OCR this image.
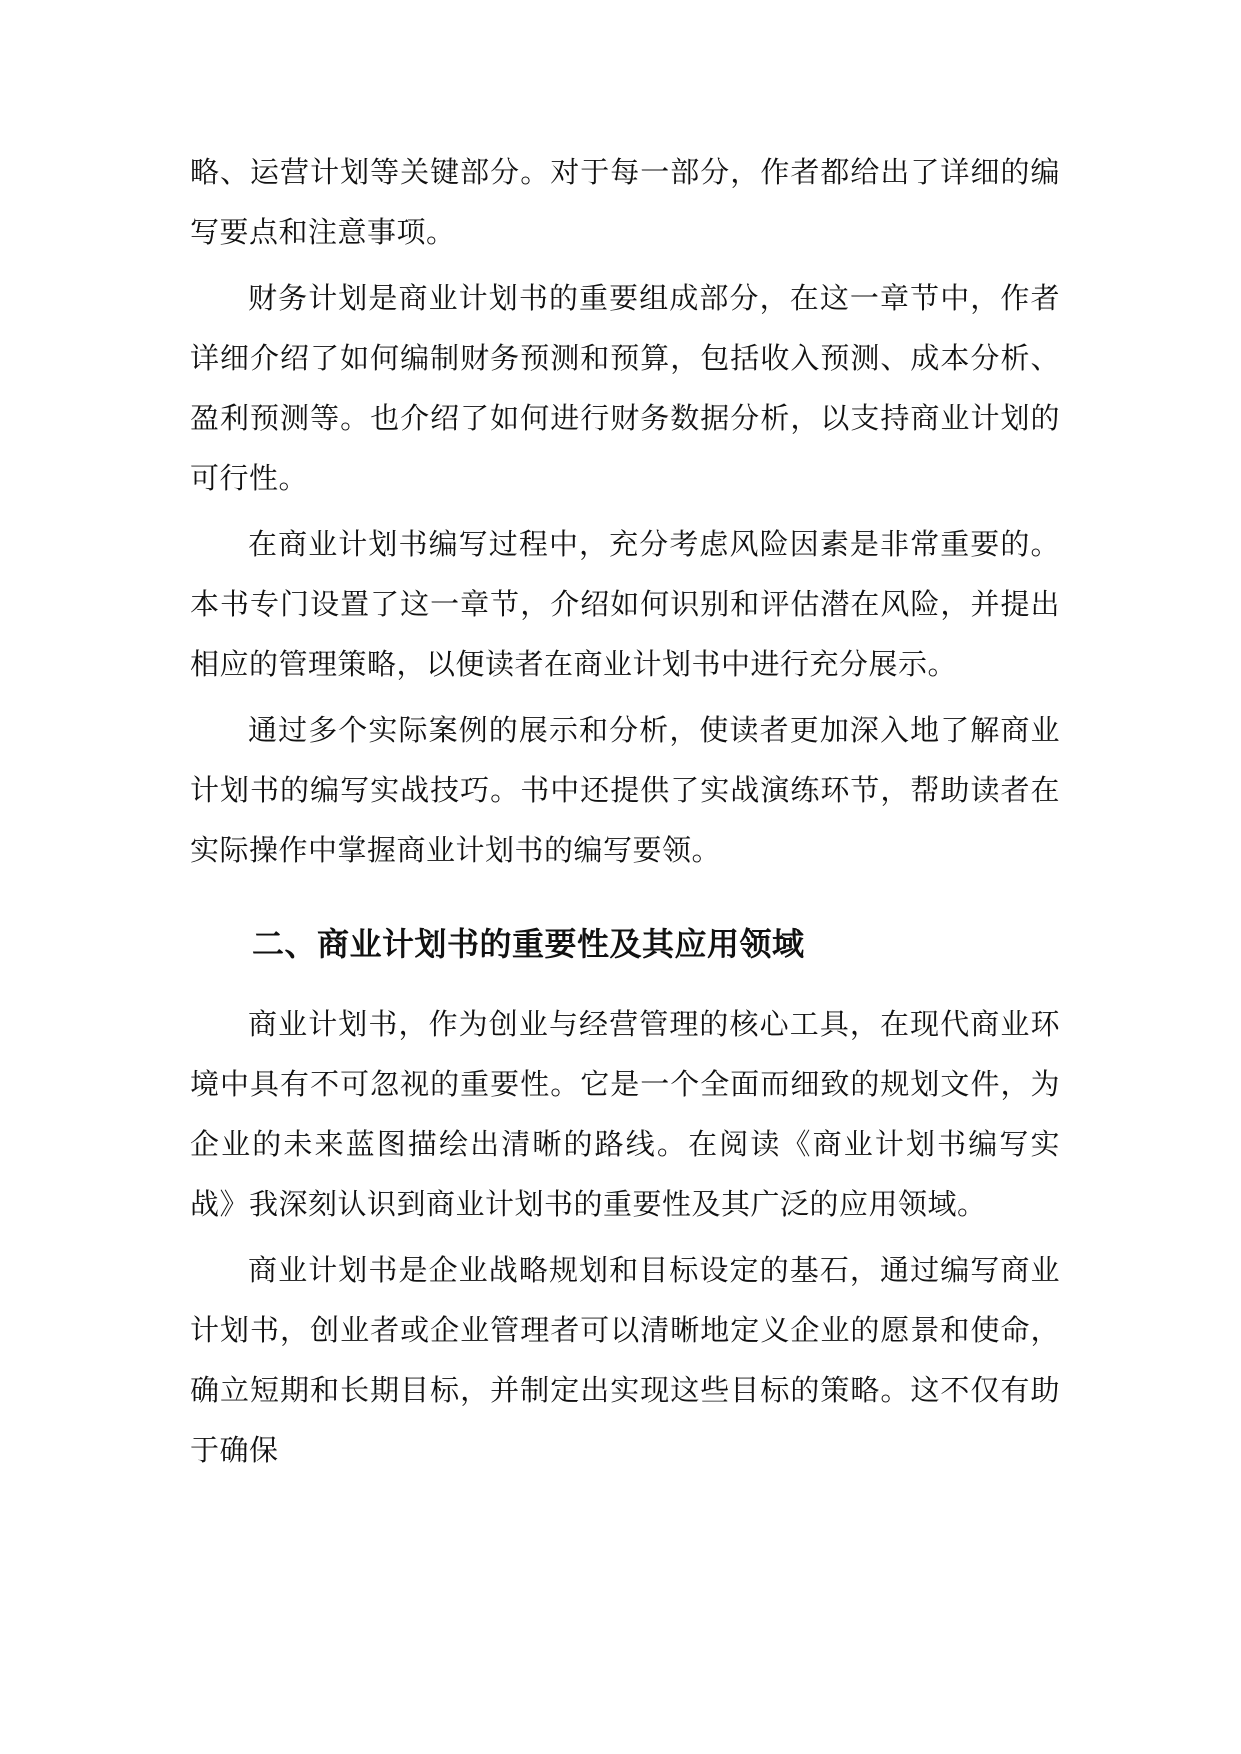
略、运营计划等关键部分。对于每一部分，作者都给出了详细的编写要点和注意事项。

财务计划是商业计划书的重要组成部分，在这一章节中，作者详细介绍了如何编制财务预测和预算，包括收入预测、成本分析、盈利预测等。也介绍了如何进行财务数据分析，以支持商业计划的可行性。

在商业计划书编写过程中，充分考虑风险因素是非常重要的。本书专门设置了这一章节，介绍如何识别和评估潜在风险，并提出相应的管理策略，以便读者在商业计划书中进行充分展示。

通过多个实际案例的展示和分析，使读者更加深入地了解商业计划书的编写实战技巧。书中还提供了实战演练环节，帮助读者在实际操作中掌握商业计划书的编写要领。

二、商业计划书的重要性及其应用领域

商业计划书，作为创业与经营管理的核心工具，在现代商业环境中具有不可忽视的重要性。它是一个全面而细致的规划文件，为企业的未来蓝图描绘出清晰的路线。在阅读《商业计划书编写实战》我深刻认识到商业计划书的重要性及其广泛的应用领域。

商业计划书是企业战略规划和目标设定的基石，通过编写商业计划书，创业者或企业管理者可以清晰地定义企业的愿景和使命，确立短期和长期目标，并制定出实现这些目标的策略。这不仅有助于确保
